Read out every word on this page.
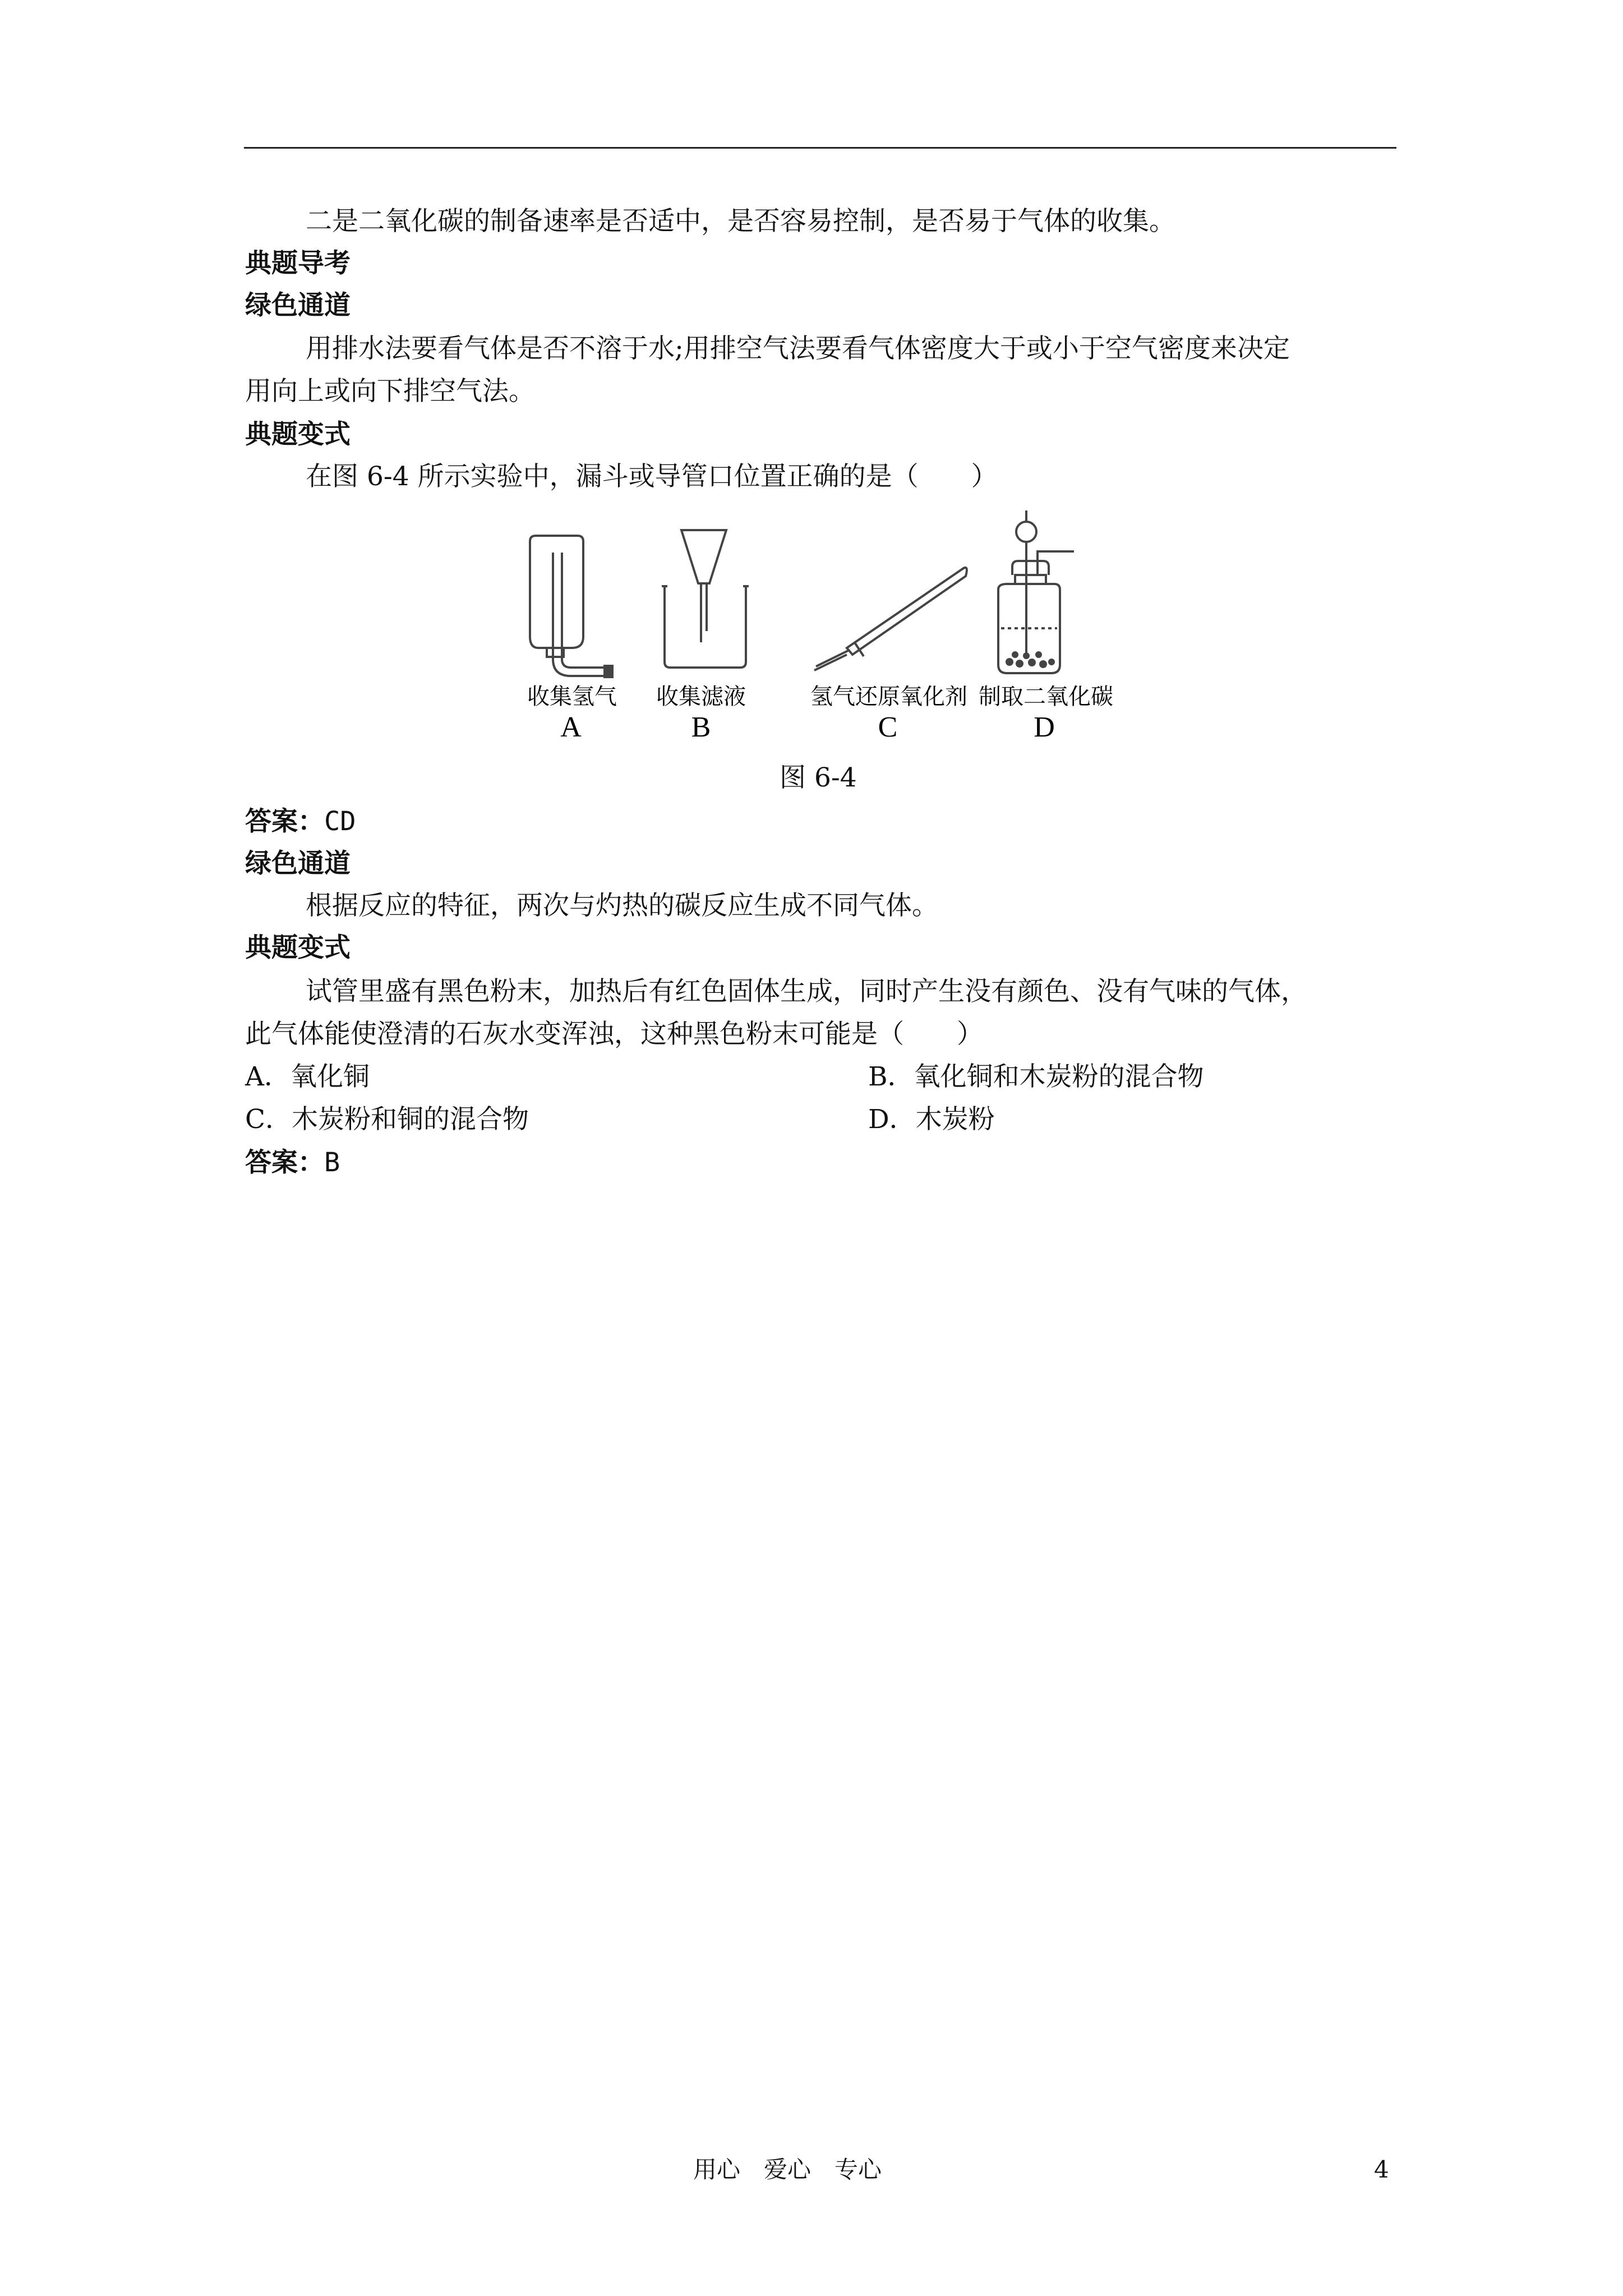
二是二氧化碳的制备速率是否适中，是否容易控制，是否易于气体的收集。
典题导考
绿色通道
用排水法要看气体是否不溶于水;用排空气法要看气体密度大于或小于空气密度来决定
用向上或向下排空气法。
典题变式
在图 6-4 所示实验中，漏斗或导管口位置正确的是（　　）
收集氢气 收集滤液	氢气还原氧化剂 制取二氧化碳
A	B	C	D
图 6-4
答案：CD
绿色通道
根据反应的特征，两次与灼热的碳反应生成不同气体。
典题变式
试管里盛有黑色粉末，加热后有红色固体生成，同时产生没有颜色、没有气味的气体，
此气体能使澄清的石灰水变浑浊，这种黑色粉末可能是（　　）
A．氧化铜	B．氧化铜和木炭粉的混合物
C．木炭粉和铜的混合物	D．木炭粉
答案：B
用心　爱心　专心	4
